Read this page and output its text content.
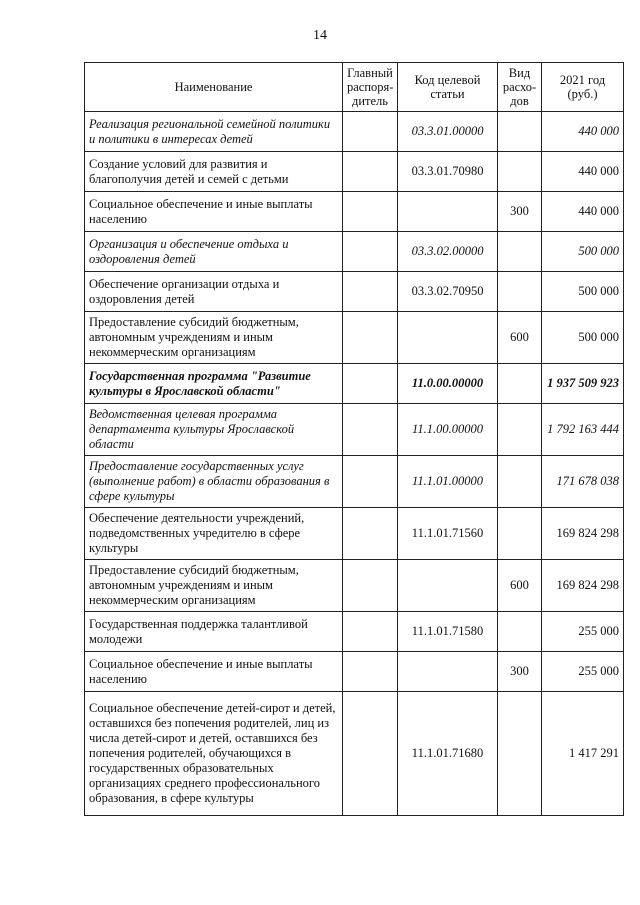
14
Наименование	Главный распоря-дитель	Код целевой статьи	Вид расхо-дов	2021 год (руб.)
Реализация региональной семейной политики и политики в интересах детей		03.3.01.00000		440 000
Создание условий для развития и благополучия детей и семей с детьми		03.3.01.70980		440 000
Социальное обеспечение и иные выплаты населению			300	440 000
Организация и обеспечение отдыха и оздоровления детей		03.3.02.00000		500 000
Обеспечение организации отдыха и оздоровления детей		03.3.02.70950		500 000
Предоставление субсидий бюджетным, автономным учреждениям и иным некоммерческим организациям			600	500 000
Государственная программа "Развитие культуры в Ярославской области"		11.0.00.00000		1 937 509 923
Ведомственная целевая программа департамента культуры Ярославской области		11.1.00.00000		1 792 163 444
Предоставление государственных услуг (выполнение работ) в области образования в сфере культуры		11.1.01.00000		171 678 038
Обеспечение деятельности учреждений, подведомственных учредителю в сфере культуры		11.1.01.71560		169 824 298
Предоставление субсидий бюджетным, автономным учреждениям и иным некоммерческим организациям			600	169 824 298
Государственная поддержка талантливой молодежи		11.1.01.71580		255 000
Социальное обеспечение и иные выплаты населению			300	255 000
Социальное обеспечение детей-сирот и детей, оставшихся без попечения родителей, лиц из числа детей-сирот и детей, оставшихся без попечения родителей, обучающихся в государственных образовательных организациях среднего профессионального образования, в сфере культуры		11.1.01.71680		1 417 291
